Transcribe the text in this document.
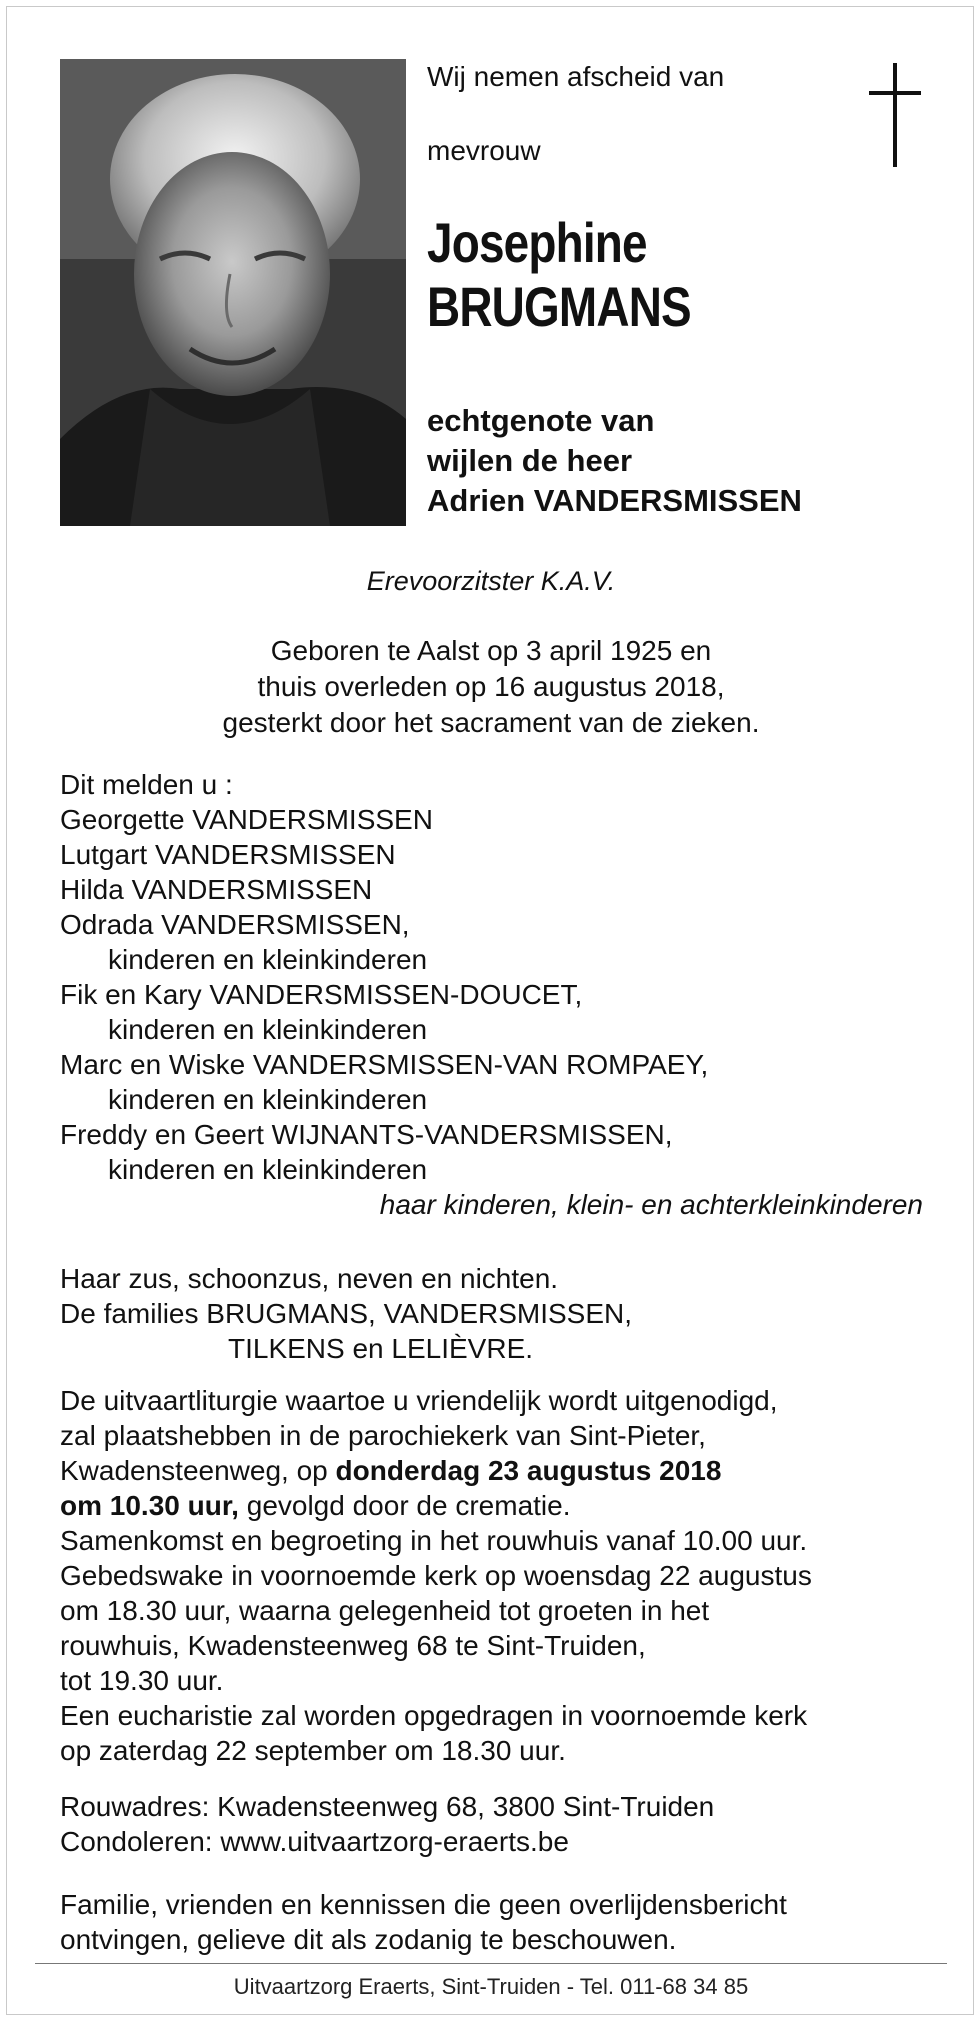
Wij nemen afscheid van
mevrouw
Josephine
BRUGMANS
echtgenote van
wijlen de heer
Adrien VANDERSMISSEN
Erevoorzitster K.A.V.
Geboren te Aalst op 3 april 1925 en
thuis overleden op 16 augustus 2018,
gesterkt door het sacrament van de zieken.
Dit melden u :
Georgette VANDERSMISSEN
Lutgart VANDERSMISSEN
Hilda VANDERSMISSEN
Odrada VANDERSMISSEN,
kinderen en kleinkinderen
Fik en Kary VANDERSMISSEN-DOUCET,
kinderen en kleinkinderen
Marc en Wiske VANDERSMISSEN-VAN ROMPAEY,
kinderen en kleinkinderen
Freddy en Geert WIJNANTS-VANDERSMISSEN,
kinderen en kleinkinderen
haar kinderen, klein- en achterkleinkinderen
Haar zus, schoonzus, neven en nichten.
De families BRUGMANS, VANDERSMISSEN,
TILKENS en LELIÈVRE.
De uitvaartliturgie waartoe u vriendelijk wordt uitgenodigd,
zal plaatshebben in de parochiekerk van Sint-Pieter,
Kwadensteenweg, op donderdag 23 augustus 2018
om 10.30 uur, gevolgd door de crematie.
Samenkomst en begroeting in het rouwhuis vanaf 10.00 uur.
Gebedswake in voornoemde kerk op woensdag 22 augustus
om 18.30 uur, waarna gelegenheid tot groeten in het
rouwhuis, Kwadensteenweg 68 te Sint-Truiden,
tot 19.30 uur.
Een eucharistie zal worden opgedragen in voornoemde kerk
op zaterdag 22 september om 18.30 uur.
Rouwadres: Kwadensteenweg 68, 3800 Sint-Truiden
Condoleren: www.uitvaartzorg-eraerts.be
Familie, vrienden en kennissen die geen overlijdensbericht
ontvingen, gelieve dit als zodanig te beschouwen.
Uitvaartzorg Eraerts, Sint-Truiden - Tel. 011-68 34 85
